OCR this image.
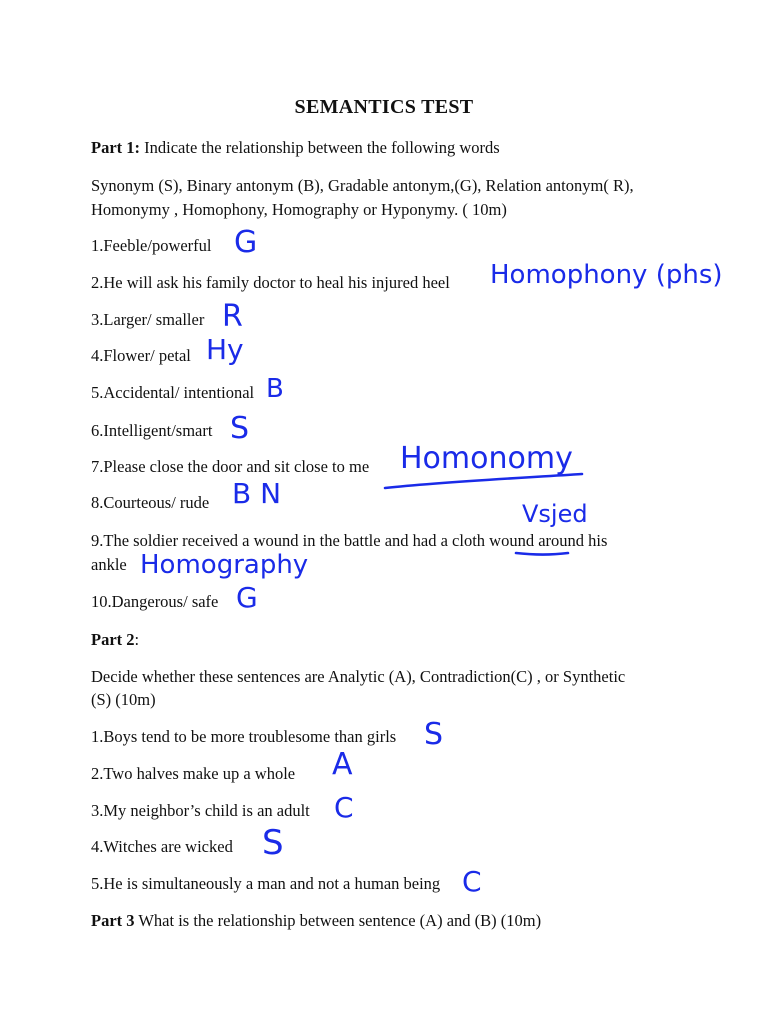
SEMANTICS TEST
Part 1: Indicate the relationship between the following words
Synonym (S), Binary antonym (B), Gradable antonym,(G), Relation antonym( R),
Homonymy , Homophony, Homography or Hyponymy. ( 10m)
1.Feeble/powerful
2.He will ask his family doctor to heal his injured heel
3.Larger/ smaller
4.Flower/ petal
5.Accidental/ intentional
6.Intelligent/smart
7.Please close the door and sit close to me
8.Courteous/ rude
9.The soldier received a wound in the battle and had a cloth wound around his
ankle
10.Dangerous/ safe
G
Homophony (phs)
R
Hy
B
S
Homonomy
B N
Homography
G
Vsjed
Part 2:
Decide whether these sentences are Analytic (A), Contradiction(C) , or Synthetic
(S) (10m)
1.Boys tend to be more troublesome than girls
2.Two halves make up a whole
3.My neighbor’s child is an adult
4.Witches are wicked
5.He is simultaneously a man and not a human being
S
A
C
S
C
Part 3 What is the relationship between sentence (A) and (B) (10m)
